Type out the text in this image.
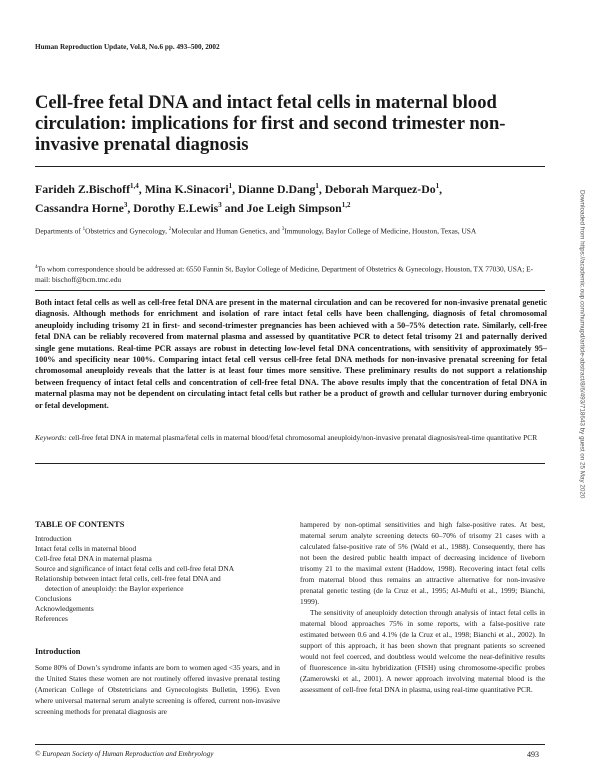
Human Reproduction Update, Vol.8, No.6 pp. 493–500, 2002
Cell-free fetal DNA and intact fetal cells in maternal blood circulation: implications for first and second trimester non-invasive prenatal diagnosis
Farideh Z.Bischoff$^{1,4}$, Mina K.Sinacori$^1$, Dianne D.Dang$^1$, Deborah Marquez-Do$^1$,
Cassandra Horne$^3$, Dorothy E.Lewis$^3$ and Joe Leigh Simpson$^{1,2}$

Departments of $^1$Obstetrics and Gynecology, $^2$Molecular and Human Genetics, and $^3$Immunology, Baylor College of Medicine, Houston, Texas, USA

$^4$To whom correspondence should be addressed at: 6550 Fannin St, Baylor College of Medicine, Department of Obstetrics & Gynecology, Houston, TX 77030, USA; E-mail: bischoff@bcm.tmc.edu

Both intact fetal cells as well as cell-free fetal DNA are present in the maternal circulation and can be recovered for non-invasive prenatal genetic diagnosis. Although methods for enrichment and isolation of rare intact fetal cells have been challenging, diagnosis of fetal chromosomal aneuploidy including trisomy 21 in first- and second-trimester pregnancies has been achieved with a 50–75% detection rate. Similarly, cell-free fetal DNA can be reliably recovered from maternal plasma and assessed by quantitative PCR to detect fetal trisomy 21 and paternally derived single gene mutations. Real-time PCR assays are robust in detecting low-level fetal DNA concentrations, with sensitivity of approximately 95–100% and specificity near 100%. Comparing intact fetal cell versus cell-free fetal DNA methods for non-invasive prenatal screening for fetal chromosomal aneuploidy reveals that the latter is at least four times more sensitive. These preliminary results do not support a relationship between frequency of intact fetal cells and concentration of cell-free fetal DNA. The above results imply that the concentration of fetal DNA in maternal plasma may not be dependent on circulating intact fetal cells but rather be a product of growth and cellular turnover during embryonic or fetal development.

Keywords: cell-free fetal DNA in maternal plasma/fetal cells in maternal blood/fetal chromosomal aneuploidy/non-invasive prenatal diagnosis/real-time quantitative PCR

TABLE OF CONTENTS
Introduction
Intact fetal cells in maternal blood
Cell-free fetal DNA in maternal plasma
Source and significance of intact fetal cells and cell-free fetal DNA
Relationship between intact fetal cells, cell-free fetal DNA and
detection of aneuploidy: the Baylor experience
Conclusions
Acknowledgements
References
Introduction

Some 80% of Down’s syndrome infants are born to women aged <35 years, and in the United States these women are not routinely offered invasive prenatal testing (American College of Obstetricians and Gynecologists Bulletin, 1996). Even where universal maternal serum analyte screening is offered, current non-invasive screening methods for prenatal diagnosis are

hampered by non-optimal sensitivities and high false-positive rates. At best, maternal serum analyte screening detects 60–70% of trisomy 21 cases with a calculated false-positive rate of 5% (Wald et al., 1988). Consequently, there has not been the desired public health impact of decreasing incidence of liveborn trisomy 21 to the maximal extent (Haddow, 1998). Recovering intact fetal cells from maternal blood thus remains an attractive alternative for non-invasive prenatal genetic testing (de la Cruz et al., 1995; Al-Mufti et al., 1999; Bianchi, 1999).

The sensitivity of aneuploidy detection through analysis of intact fetal cells in maternal blood approaches 75% in some reports, with a false-positive rate estimated between 0.6 and 4.1% (de la Cruz et al., 1998; Bianchi et al., 2002). In support of this approach, it has been shown that pregnant patients so screened would not feel coerced, and doubtless would welcome the near-definitive results of fluorescence in-situ hybridization (FISH) using chromosome-specific probes (Zamerowski et al., 2001). A newer approach involving maternal blood is the assessment of cell-free fetal DNA in plasma, using real-time quantitative PCR.

© European Society of Human Reproduction and Embryology	493
Downloaded from https://academic.oup.com/humupd/article-abstract/8/6/493/718643 by guest on 25 May 2020
